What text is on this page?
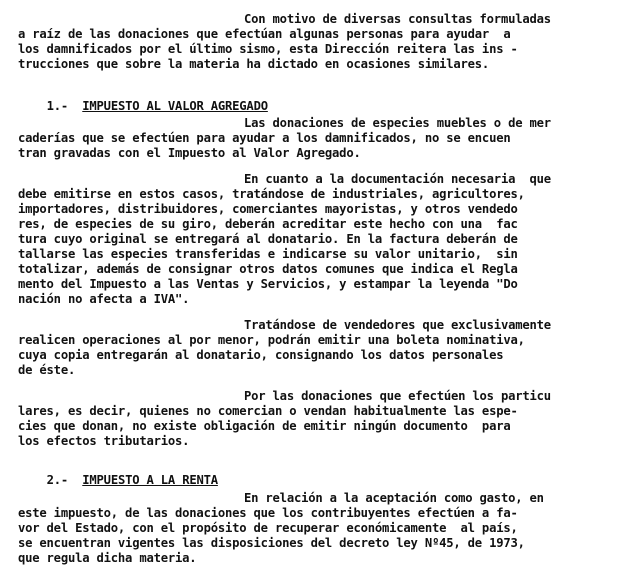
Con motivo de diversas consultas formuladas
a raíz de las donaciones que efectúan algunas personas para ayudar  a
los damnificados por el último sismo, esta Dirección reitera las ins -
trucciones que sobre la materia ha dictado en ocasiones similares.

1.- IMPUESTO AL VALOR AGREGADO

Las donaciones de especies muebles o de mer
caderías que se efectúen para ayudar a los damnificados, no se encuen
tran gravadas con el Impuesto al Valor Agregado.
En cuanto a la documentación necesaria  que
debe emitirse en estos casos, tratándose de industriales, agricultores,
importadores, distribuidores, comerciantes mayoristas, y otros vendedo
res, de especies de su giro, deberán acreditar este hecho con una  fac
tura cuyo original se entregará al donatario. En la factura deberán de
tallarse las especies transferidas e indicarse su valor unitario,  sin
totalizar, además de consignar otros datos comunes que indica el Regla
mento del Impuesto a las Ventas y Servicios, y estampar la leyenda "Do
nación no afecta a IVA".
Tratándose de vendedores que exclusivamente
realicen operaciones al por menor, podrán emitir una boleta nominativa,
cuya copia entregarán al donatario, consignando los datos personales
de éste.
Por las donaciones que efectúen los particu
lares, es decir, quienes no comercian o vendan habitualmente las espe-
cies que donan, no existe obligación de emitir ningún documento  para
los efectos tributarios.

2.- IMPUESTO A LA RENTA

En relación a la aceptación como gasto, en
este impuesto, de las donaciones que los contribuyentes efectúen a fa-
vor del Estado, con el propósito de recuperar económicamente  al país,
se encuentran vigentes las disposiciones del decreto ley Nº45, de 1973,
que regula dicha materia.
